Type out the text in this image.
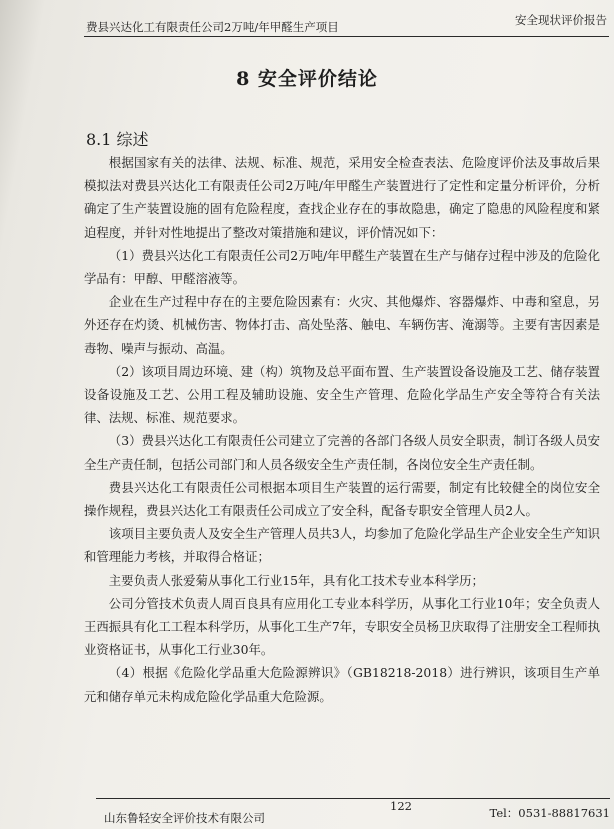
费县兴达化工有限责任公司2万吨/年甲醛生产项目	安全现状评价报告
8 安全评价结论
8.1 综述

根据国家有关的法律、法规、标准、规范，采用安全检查表法、危险度评价法及事故后果模拟法对费县兴达化工有限责任公司2万吨/年甲醛生产装置进行了定性和定量分析评价，分析确定了生产装置设施的固有危险程度，查找企业存在的事故隐患，确定了隐患的风险程度和紧迫程度，并针对性地提出了整改对策措施和建议，评价情况如下：

（1）费县兴达化工有限责任公司2万吨/年甲醛生产装置在生产与储存过程中涉及的危险化学品有：甲醇、甲醛溶液等。

企业在生产过程中存在的主要危险因素有：火灾、其他爆炸、容器爆炸、中毒和窒息，另外还存在灼烫、机械伤害、物体打击、高处坠落、触电、车辆伤害、淹溺等。主要有害因素是毒物、噪声与振动、高温。

（2）该项目周边环境、建（构）筑物及总平面布置、生产装置设备设施及工艺、储存装置设备设施及工艺、公用工程及辅助设施、安全生产管理、危险化学品生产安全等符合有关法律、法规、标准、规范要求。

（3）费县兴达化工有限责任公司建立了完善的各部门各级人员安全职责，制订各级人员安全生产责任制，包括公司部门和人员各级安全生产责任制，各岗位安全生产责任制。

费县兴达化工有限责任公司根据本项目生产装置的运行需要，制定有比较健全的岗位安全操作规程，费县兴达化工有限责任公司成立了安全科，配备专职安全管理人员2人。

该项目主要负责人及安全生产管理人员共3人，均参加了危险化学品生产企业安全生产知识和管理能力考核，并取得合格证；

主要负责人张爱菊从事化工行业15年，具有化工技术专业本科学历；

公司分管技术负责人周百良具有应用化工专业本科学历，从事化工行业10年；安全负责人王西振具有化工工程本科学历，从事化工生产7年，专职安全员杨卫庆取得了注册安全工程师执业资格证书，从事化工行业30年。

（4）根据《危险化学品重大危险源辨识》（GB18218-2018）进行辨识，该项目生产单元和储存单元未构成危险化学品重大危险源。

山东鲁轻安全评价技术有限公司
122	Tel：0531-88817631
